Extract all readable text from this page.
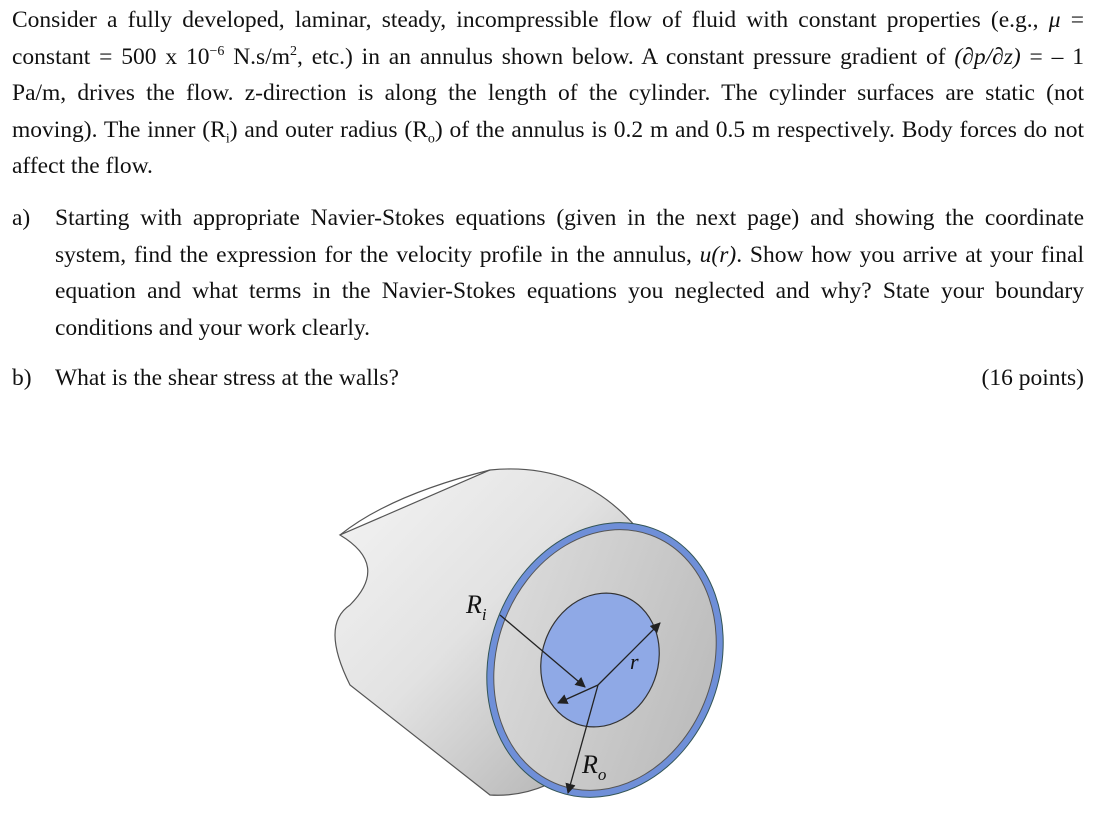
Consider a fully developed, laminar, steady, incompressible flow of fluid with constant properties (e.g., μ = constant = 500 x $10^{-6}$ $N.s/m^2$, etc.) in an annulus shown below. A constant pressure gradient of (∂p/∂z) = – 1 Pa/m, drives the flow. z-direction is along the length of the cylinder. The cylinder surfaces are static (not moving). The inner $(R_i)$ and outer radius $(R_o)$ of the annulus is 0.2 m and 0.5 m respectively. Body forces do not affect the flow.
a) Starting with appropriate Navier-Stokes equations (given in the next page) and showing the coordinate system, find the expression for the velocity profile in the annulus, u(r). Show how you arrive at your final equation and what terms in the Navier-Stokes equations you neglected and why? State your boundary conditions and your work clearly.
b) What is the shear stress at the walls?	(16 points)
$R_i$
r
$R_o$
